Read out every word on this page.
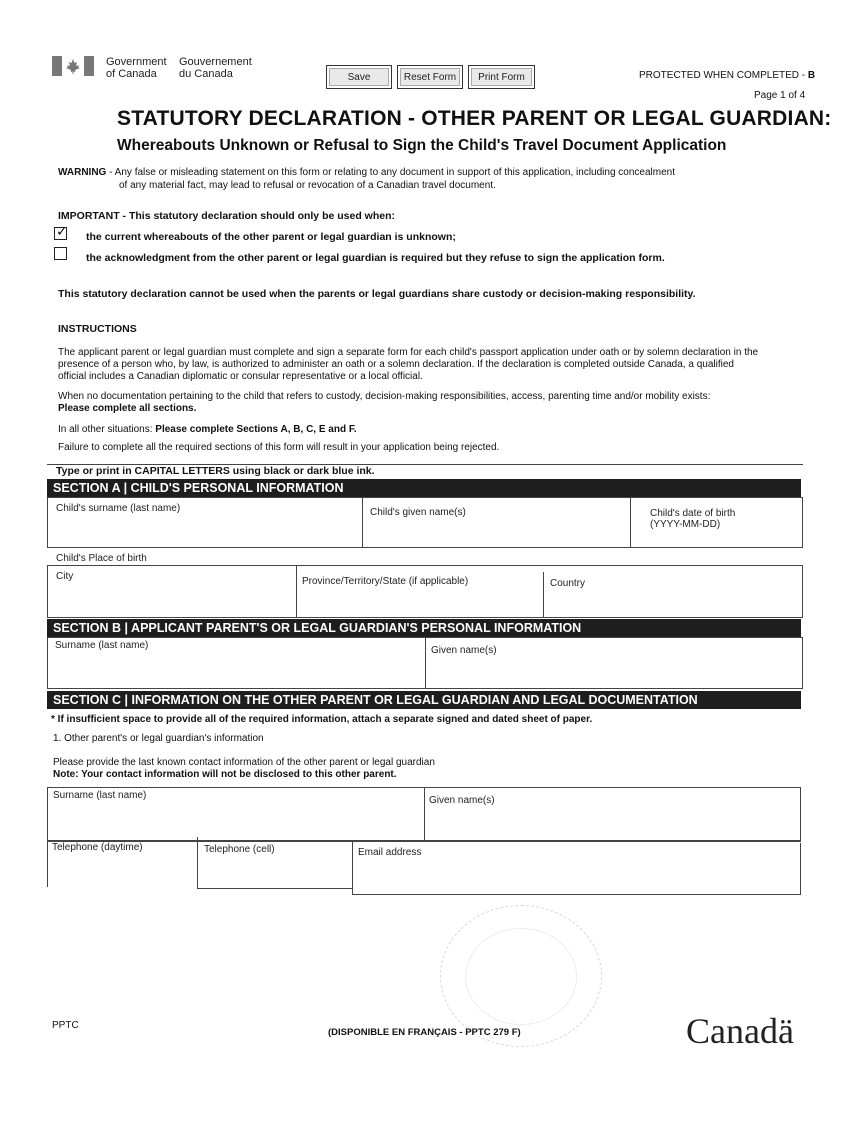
Government
of Canada
Gouvernement
du Canada	Save	Reset Form	Print Form	PROTECTED WHEN COMPLETED - B
Page 1 of 4
STATUTORY DECLARATION - OTHER PARENT OR LEGAL GUARDIAN:
Whereabouts Unknown or Refusal to Sign the Child's Travel Document Application
WARNING - Any false or misleading statement on this form or relating to any document in support of this application, including concealment
of any material fact, may lead to refusal or revocation of a Canadian travel document.
IMPORTANT - This statutory declaration should only be used when:
✓ the current whereabouts of the other parent or legal guardian is unknown;
the acknowledgment from the other parent or legal guardian is required but they refuse to sign the application form.
This statutory declaration cannot be used when the parents or legal guardians share custody or decision-making responsibility.
INSTRUCTIONS
The applicant parent or legal guardian must complete and sign a separate form for each child's passport application under oath or by solemn declaration in the
presence of a person who, by law, is authorized to administer an oath or a solemn declaration. If the declaration is completed outside Canada, a qualified
official includes a Canadian diplomatic or consular representative or a local official.
When no documentation pertaining to the child that refers to custody, decision-making responsibilities, access, parenting time and/or mobility exists:
Please complete all sections.
In all other situations: Please complete Sections A, B, C, E and F.
Failure to complete all the required sections of this form will result in your application being rejected.
Type or print in CAPITAL LETTERS using black or dark blue ink.
SECTION A | CHILD'S PERSONAL INFORMATION
Child's surname (last name)	Child's given name(s)	Child's date of birth
(YYYY-MM-DD)
Child's Place of birth
City	Province/Territory/State (if applicable)	Country
SECTION B | APPLICANT PARENT'S OR LEGAL GUARDIAN'S PERSONAL INFORMATION
Surname (last name)	Given name(s)
SECTION C | INFORMATION ON THE OTHER PARENT OR LEGAL GUARDIAN AND LEGAL DOCUMENTATION
* If insufficient space to provide all of the required information, attach a separate signed and dated sheet of paper.
1. Other parent's or legal guardian's information
Please provide the last known contact information of the other parent or legal guardian
Note: Your contact information will not be disclosed to this other parent.
Surname (last name)	Given name(s)
Telephone (daytime)	Telephone (cell)	Email address
PPTC
(DISPONIBLE EN FRANÇAIS - PPTC 279 F)	Canadä
